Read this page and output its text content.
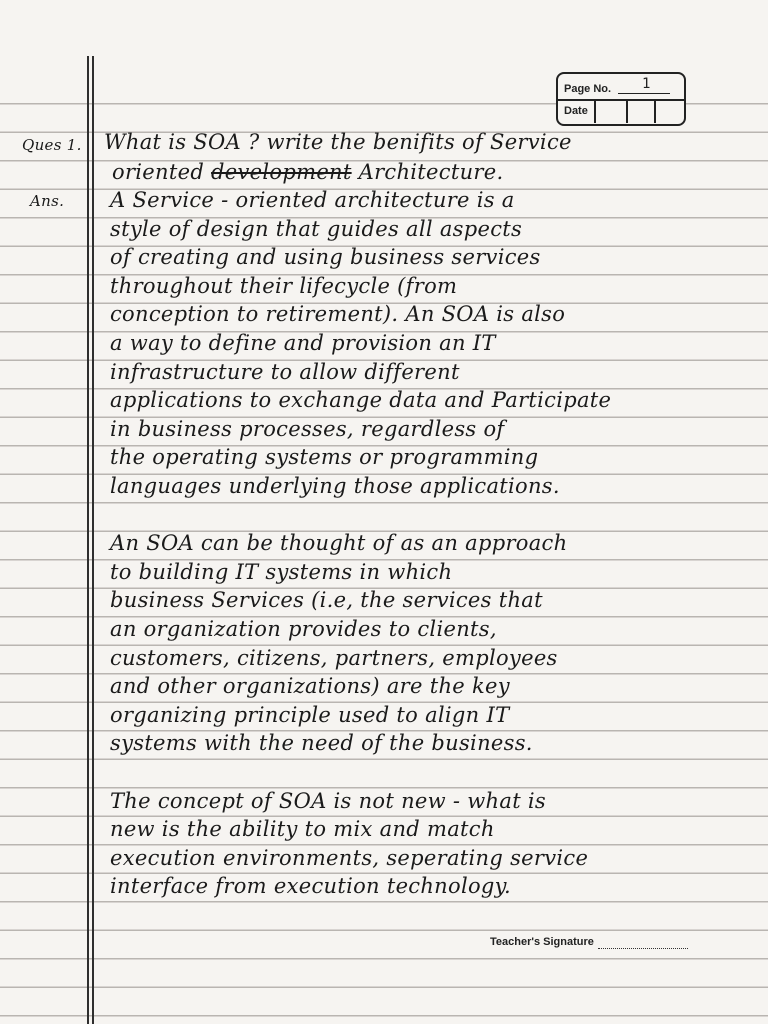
Page No. 1
Date
Ques 1. What is SOA ? write the benifits of Service
oriented development Architecture.
Ans. A Service - oriented architecture is a
style of design that guides all aspects
of creating and using business services
throughout their lifecycle (from
conception to retirement). An SOA is also
a way to define and provision an IT
infrastructure to allow different
applications to exchange data and Participate
in business processes, regardless of
the operating systems or programming
languages underlying those applications.
An SOA can be thought of as an approach
to building IT systems in which
business Services (i.e, the services that
an organization provides to clients,
customers, citizens, partners, employees
and other organizations) are the key
organizing principle used to align IT
systems with the need of the business.
The concept of SOA is not new - what is
new is the ability to mix and match
execution environments, seperating service
interface from execution technology.
Teacher's Signature
